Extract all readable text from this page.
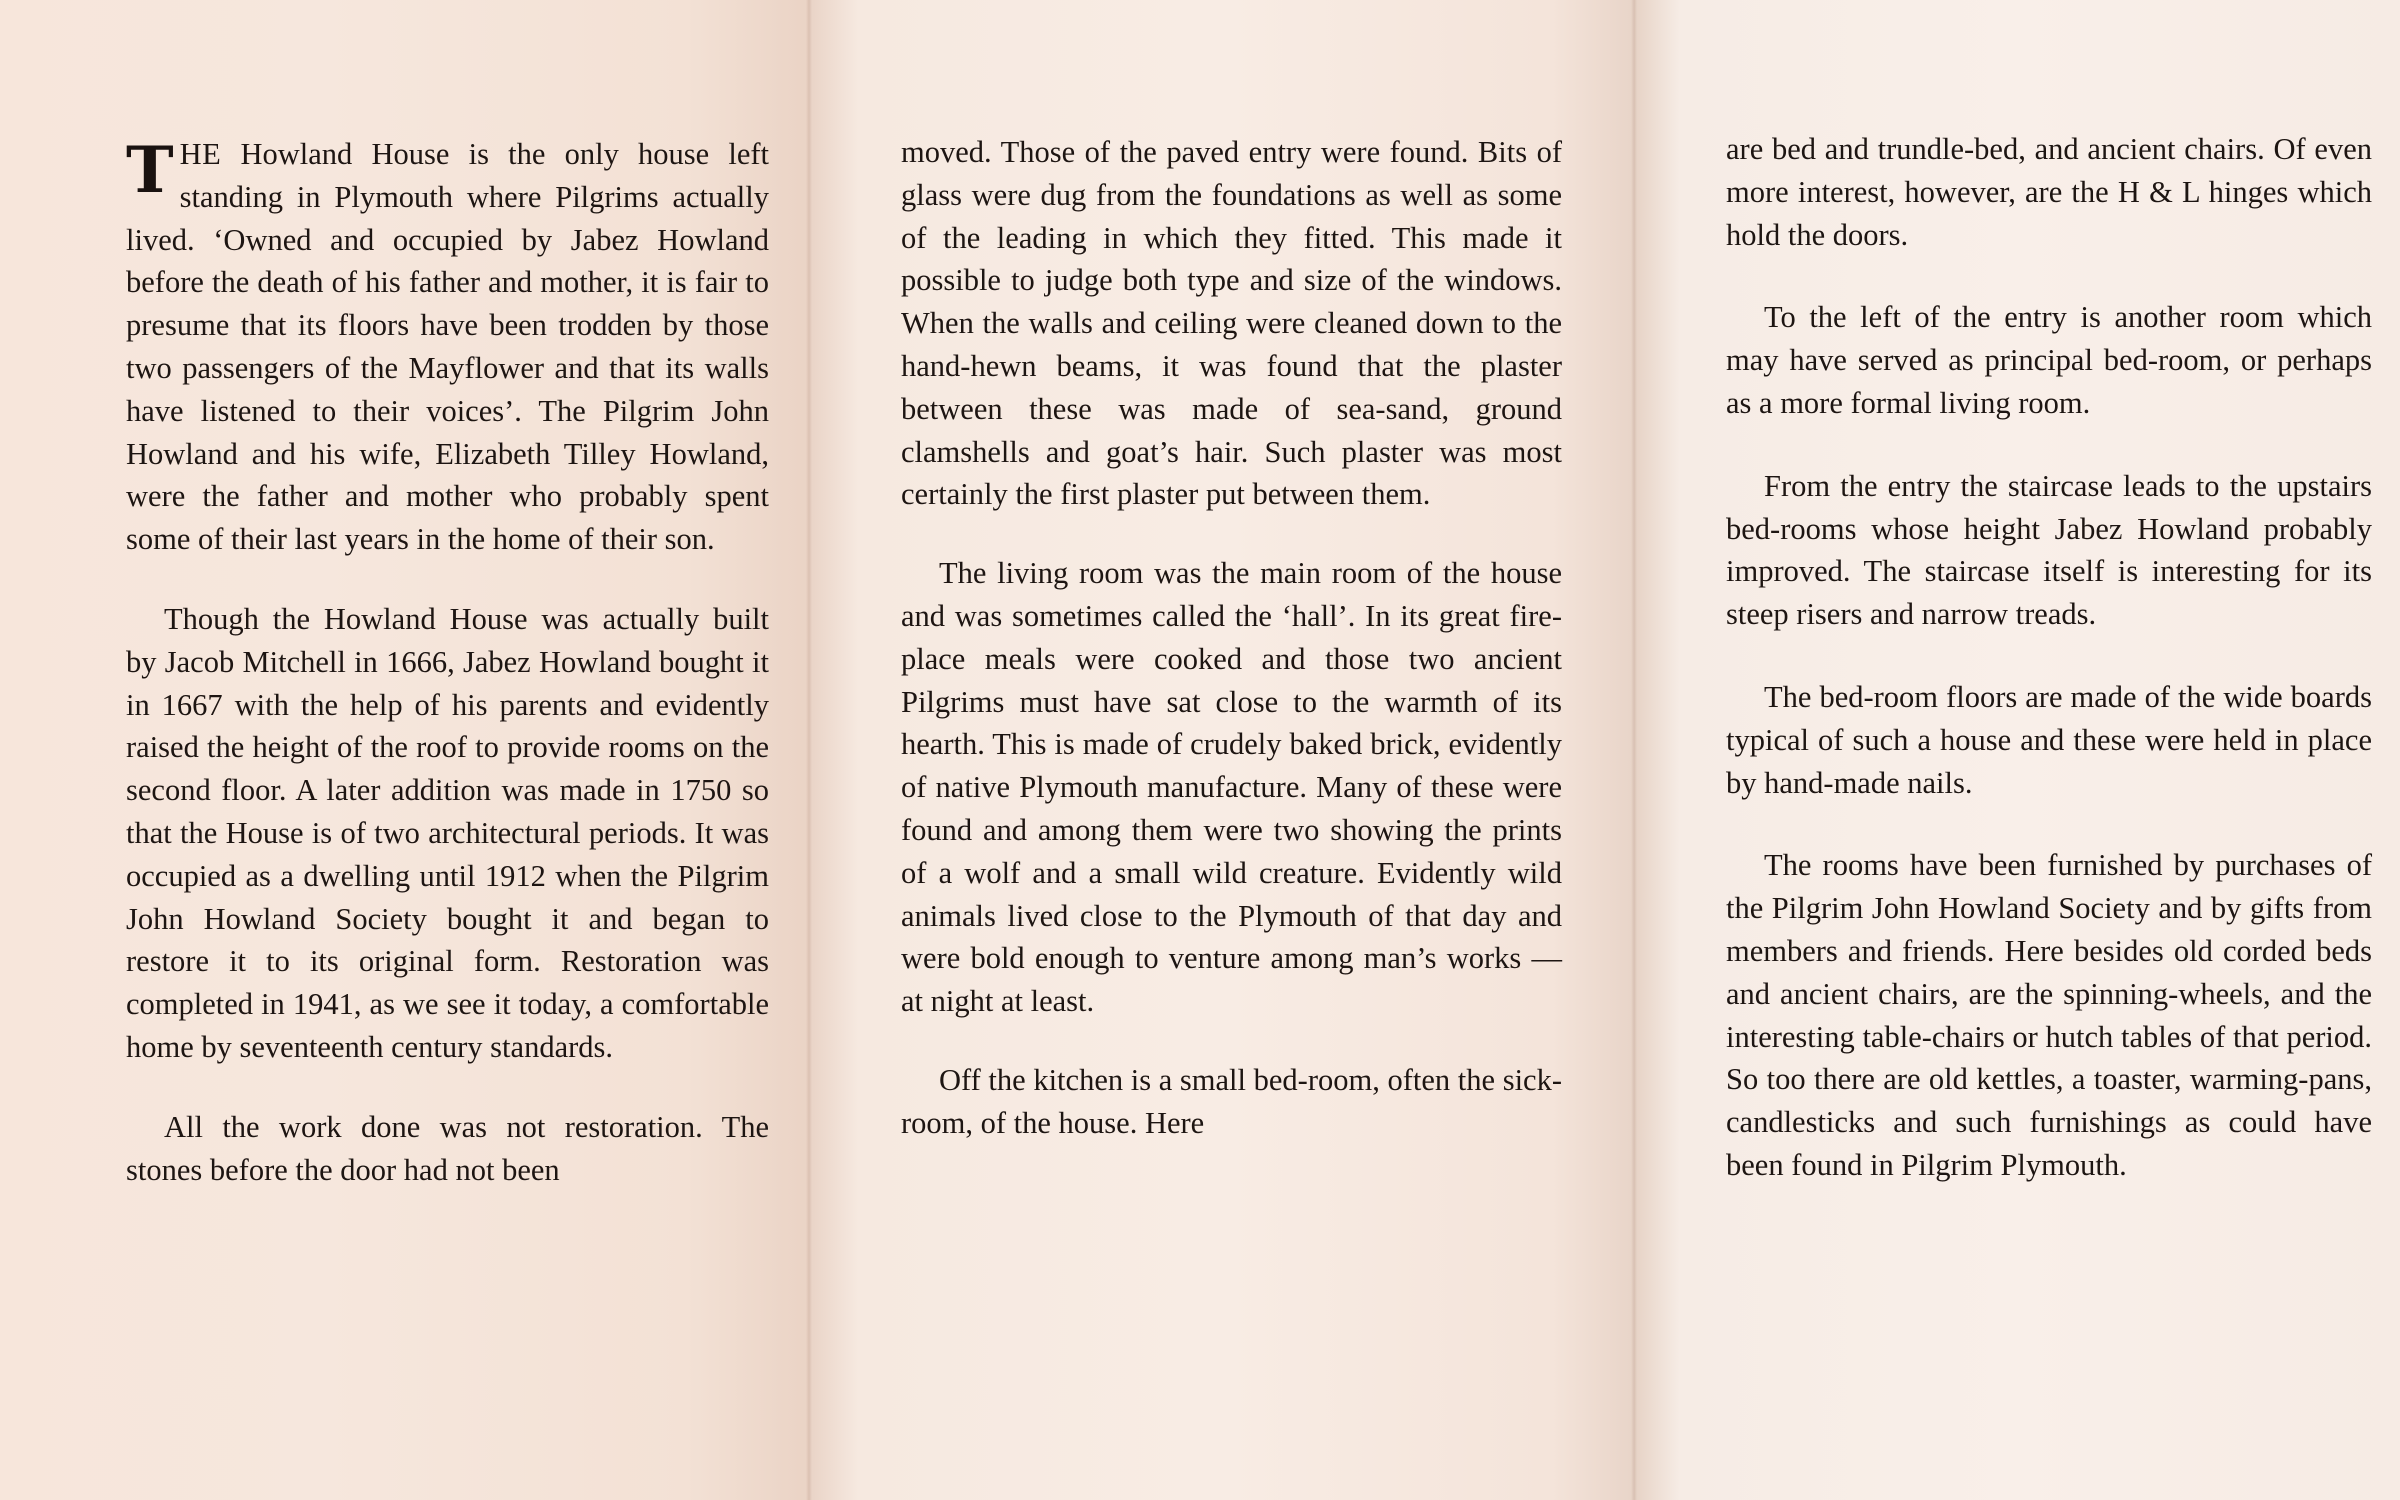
THE Howland House is the only house left standing in Plymouth where Pilgrims actually lived. ‘Owned and occupied by Jabez Howland before the death of his father and mother, it is fair to presume that its floors have been trodden by those two passengers of the Mayflower and that its walls have listened to their voices’. The Pilgrim John Howland and his wife, Elizabeth Tilley Howland, were the father and mother who probably spent some of their last years in the home of their son.

Though the Howland House was actually built by Jacob Mitchell in 1666, Jabez Howland bought it in 1667 with the help of his parents and evidently raised the height of the roof to provide rooms on the second floor. A later addition was made in 1750 so that the House is of two architectural periods. It was occupied as a dwelling until 1912 when the Pilgrim John Howland Society bought it and began to restore it to its original form. Restoration was completed in 1941, as we see it today, a comfortable home by seventeenth century standards.

All the work done was not restoration. The stones before the door had not been

moved. Those of the paved entry were found. Bits of glass were dug from the foundations as well as some of the leading in which they fitted. This made it possible to judge both type and size of the windows. When the walls and ceiling were cleaned down to the hand-hewn beams, it was found that the plaster between these was made of sea-sand, ground clamshells and goat’s hair. Such plaster was most certainly the first plaster put between them.

The living room was the main room of the house and was sometimes called the ‘hall’. In its great fire-place meals were cooked and those two ancient Pilgrims must have sat close to the warmth of its hearth. This is made of crudely baked brick, evidently of native Plymouth manufacture. Many of these were found and among them were two showing the prints of a wolf and a small wild creature. Evidently wild animals lived close to the Plymouth of that day and were bold enough to venture among man’s works — at night at least.

Off the kitchen is a small bed-room, often the sick-room, of the house. Here

are bed and trundle-bed, and ancient chairs. Of even more interest, however, are the H & L hinges which hold the doors.

To the left of the entry is another room which may have served as principal bed-room, or perhaps as a more formal living room.

From the entry the staircase leads to the upstairs bed-rooms whose height Jabez Howland probably improved. The staircase itself is interesting for its steep risers and narrow treads.

The bed-room floors are made of the wide boards typical of such a house and these were held in place by hand-made nails.

The rooms have been furnished by purchases of the Pilgrim John Howland Society and by gifts from members and friends. Here besides old corded beds and ancient chairs, are the spinning-wheels, and the interesting table-chairs or hutch tables of that period. So too there are old kettles, a toaster, warming-pans, candlesticks and such furnishings as could have been found in Pilgrim Plymouth.
